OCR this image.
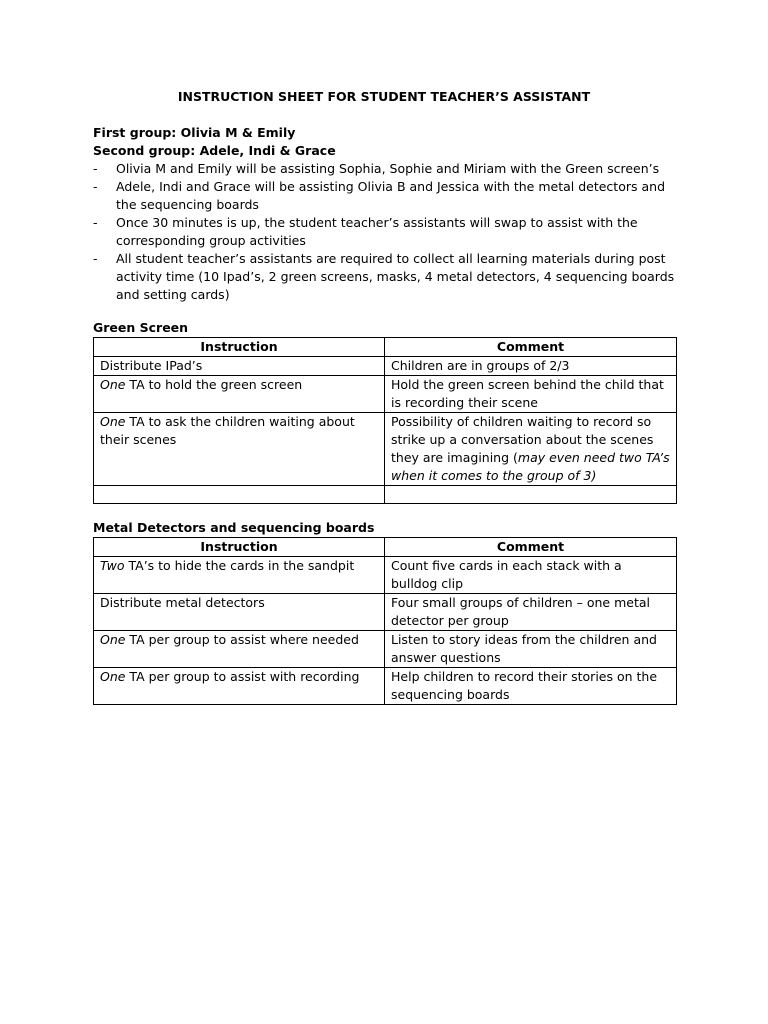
INSTRUCTION SHEET FOR STUDENT TEACHER’S ASSISTANT
First group: Olivia M & Emily
Second group: Adele, Indi & Grace
- Olivia M and Emily will be assisting Sophia, Sophie and Miriam with the Green screen’s
- Adele, Indi and Grace will be assisting Olivia B and Jessica with the metal detectors and the sequencing boards
- Once 30 minutes is up, the student teacher’s assistants will swap to assist with the corresponding group activities
- All student teacher’s assistants are required to collect all learning materials during post activity time (10 Ipad’s, 2 green screens, masks, 4 metal detectors, 4 sequencing boards and setting cards)
Green Screen
Instruction	Comment
Distribute IPad’s	Children are in groups of 2/3
One TA to hold the green screen	Hold the green screen behind the child that is recording their scene
One TA to ask the children waiting about their scenes	Possibility of children waiting to record so strike up a conversation about the scenes they are imagining (may even need two TA’s when it comes to the group of 3)

Metal Detectors and sequencing boards
Instruction	Comment
Two TA’s to hide the cards in the sandpit	Count five cards in each stack with a bulldog clip
Distribute metal detectors	Four small groups of children – one metal detector per group
One TA per group to assist where needed	Listen to story ideas from the children and answer questions
One TA per group to assist with recording	Help children to record their stories on the sequencing boards
